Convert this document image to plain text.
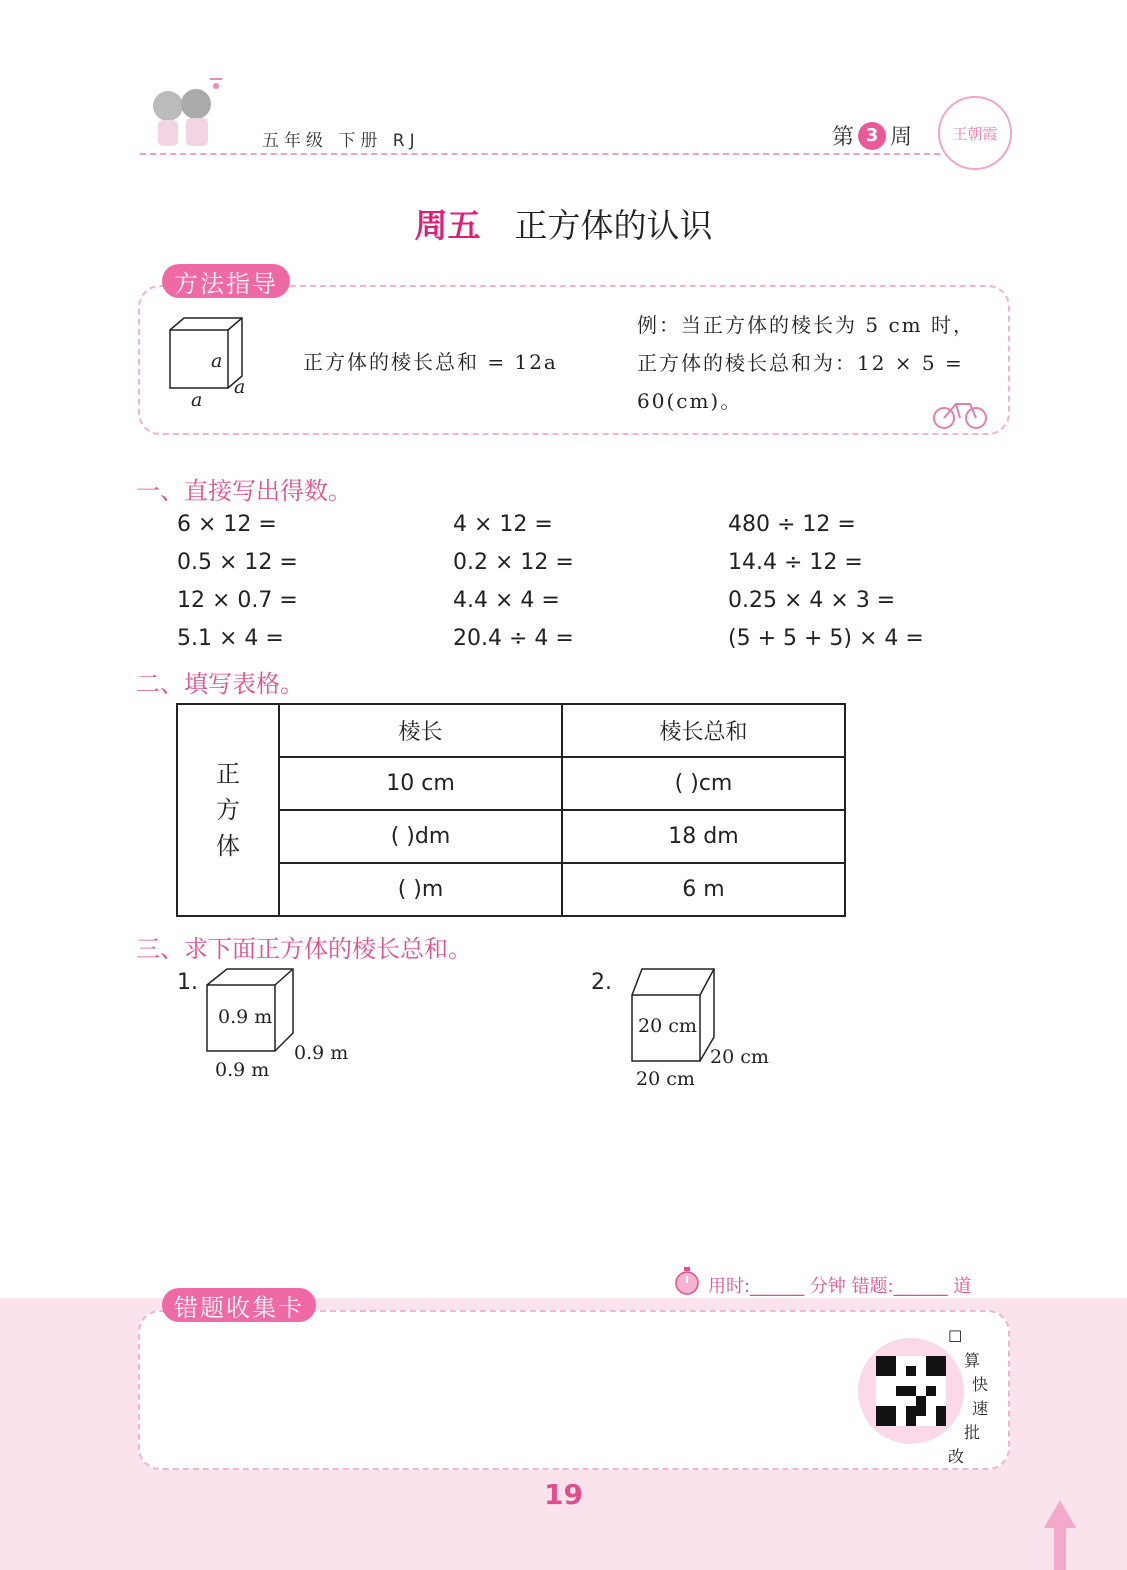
五年级 下册 RJ	第 3 周	王朝霞
周五 正方体的认识
方法指导
a
a
a
正方体的棱长总和 = 12a
例：当正方体的棱长为 5 cm 时，
正方体的棱长总和为：12 × 5 =
60(cm)。
一、直接写出得数。
6 × 12 =	4 × 12 =	480 ÷ 12 =
0.5 × 12 =	0.2 × 12 =	14.4 ÷ 12 =
12 × 0.7 =	4.4 × 4 =	0.25 × 4 × 3 =
5.1 × 4 =	20.4 ÷ 4 =	(5 + 5 + 5) × 4 =
二、填写表格。
正
方
体	棱长	棱长总和
	10 cm	( )cm
	( )dm	18 dm
	( )m	6 m
三、求下面正方体的棱长总和。
1.
0.9 m
0.9 m
0.9 m
2.
20 cm
20 cm
20 cm
用时:______ 分钟 错题:______ 道
错题收集卡
☐
算
快
速
批
改
19
